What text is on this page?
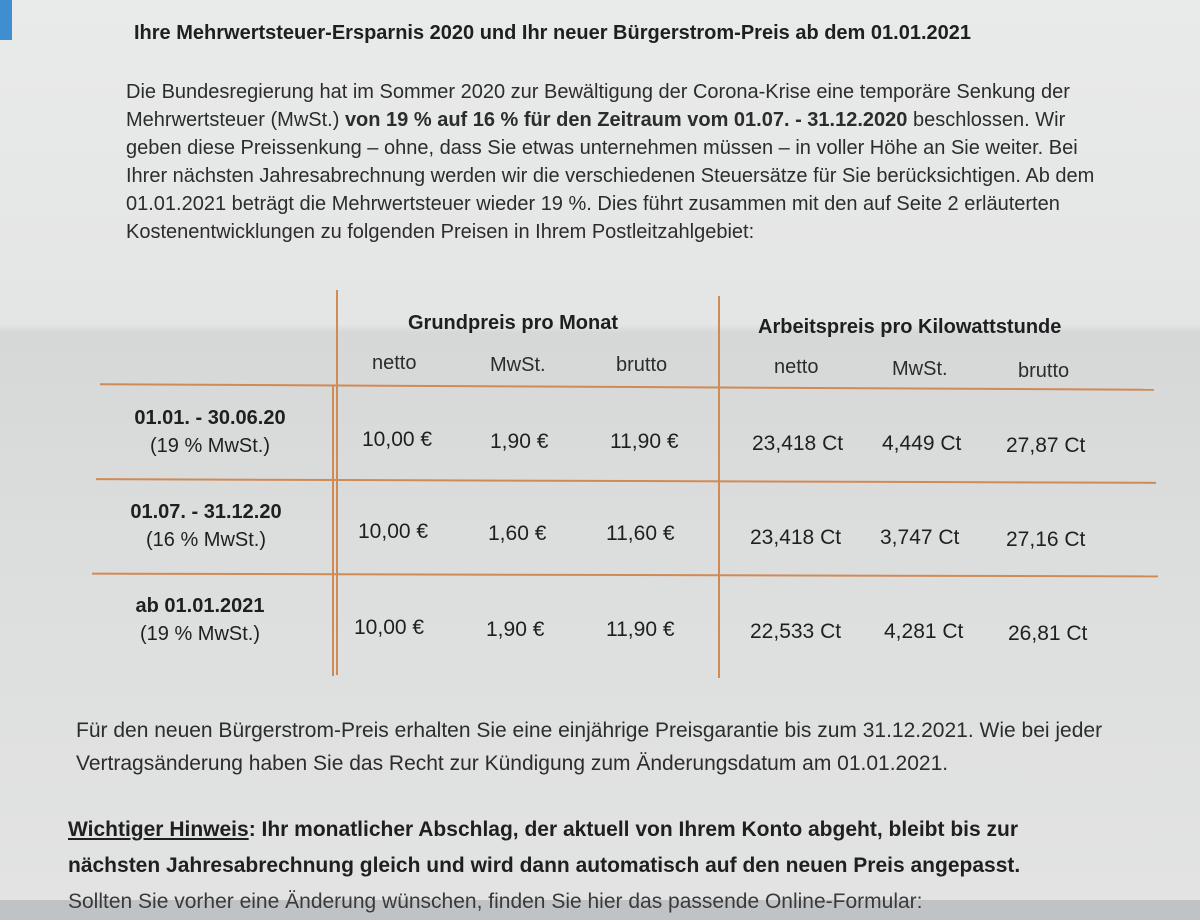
Ihre Mehrwertsteuer-Ersparnis 2020 und Ihr neuer Bürgerstrom-Preis ab dem 01.01.2021
Die Bundesregierung hat im Sommer 2020 zur Bewältigung der Corona-Krise eine temporäre Senkung der
Mehrwertsteuer (MwSt.) von 19 % auf 16 % für den Zeitraum vom 01.07. - 31.12.2020 beschlossen. Wir
geben diese Preissenkung – ohne, dass Sie etwas unternehmen müssen – in voller Höhe an Sie weiter. Bei
Ihrer nächsten Jahresabrechnung werden wir die verschiedenen Steuersätze für Sie berücksichtigen. Ab dem
01.01.2021 beträgt die Mehrwertsteuer wieder 19 %. Dies führt zusammen mit den auf Seite 2 erläuterten
Kostenentwicklungen zu folgenden Preisen in Ihrem Postleitzahlgebiet:
Grundpreis pro Monat	Arbeitspreis pro Kilowattstunde
netto	MwSt.	brutto	netto	MwSt.	brutto
01.01. - 30.06.20
(19 % MwSt.)	10,00 €	1,90 €	11,90 €	23,418 Ct 4,449 Ct 27,87 Ct
01.07. - 31.12.20
(16 % MwSt.)	10,00 €	1,60 €	11,60 €	23,418 Ct 3,747 Ct 27,16 Ct
ab 01.01.2021
(19 % MwSt.)	10,00 €	1,90 €	11,90 €	22,533 Ct 4,281 Ct 26,81 Ct
Für den neuen Bürgerstrom-Preis erhalten Sie eine einjährige Preisgarantie bis zum 31.12.2021. Wie bei jeder
Vertragsänderung haben Sie das Recht zur Kündigung zum Änderungsdatum am 01.01.2021.
Wichtiger Hinweis: Ihr monatlicher Abschlag, der aktuell von Ihrem Konto abgeht, bleibt bis zur
nächsten Jahresabrechnung gleich und wird dann automatisch auf den neuen Preis angepasst.
Sollten Sie vorher eine Änderung wünschen, finden Sie hier das passende Online-Formular:
